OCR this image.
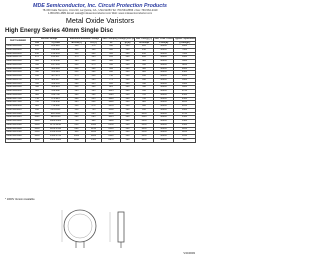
MDE Semiconductor, Inc. Circuit Protection Products
78-150 Calle Tampico, Unit 210, La Quinta, CA., USA 92253 Tel: 760-564-8656 • Fax: 760-564-2419
1-800-831-4881 Email: sales@mdesemiconductor.com Web: www.mdesemiconductor.com
Metal Oxide Varistors
High Energy Series 40mm Single Disc
PART NUMBER	Varistor Voltage		Maximum Allowable Voltage		Max Clamping Voltage (8/20 μs)		Max. Energy (J)	Max. Peak Current	Typical Capacitance
	Vdc	V@1mA	ACrms(V)	DC(V)	Vc	Ip (A)	10/1000μs	1 time(A)	@1kHz(pF)
MDE-40D201K	200	180-220	130	170	340	300	220	40000	8600
MDE-40D221K	220	198-242	140	180	360	300	240	40000	7800
MDE-40D241K	240	216-264	150	200	395	300	260	40000	7000
MDE-40D271K	270	243-297	175	225	455	300	280	40000	6500
MDE-40D301K	300	270-330	195	250	500	300	320	40000	5800
MDE-40D331K	330	297-363	210	275	550	300	350	40000	5200
MDE-40D361K	360	324-396	230	300	595	300	380	40000	4800
MDE-40D391K	390	351-429	250	320	650	300	420	40000	4400
MDE-40D431K	430	387-473	275	350	710	300	450	40000	4000
MDE-40D471K	470	423-517	300	385	775	300	490	40000	3600
MDE-40D511K	510	459-561	320	415	845	300	540	40000	3300
MDE-40D561K	560	504-616	350	460	925	300	590	40000	3000
MDE-40D621K	620	558-682	385	505	1025	300	650	40000	2700
MDE-40D681K	680	612-748	420	560	1120	300	720	40000	2500
MDE-40D751K	750	675-825	460	615	1240	300	780	40000	2300
MDE-40D781K	780	702-858	485	640	1290	300	820	40000	2200
MDE-40D821K	820	738-902	510	670	1355	300	860	40000	2100
MDE-40D911K	910	819-1001	550	745	1500	300	950	40000	1900
MDE-40D102K	1000	900-1100	625	825	1650	300	1050	40000	1700
MDE-40D112K	1100	990-1210	680	895	1815	300	1150	40000	1500
MDE-40D122K	1200	1080-1320	750	980	1980	300	1250	40000	1400
MDE-40D132K	1300	1170-1430	810	1060	2150	300	1350	40000	1300
MDE-40D142K	1400	1260-1540	880	1130	2310	300	1450	40000	1200
MDE-40D152K	1500	1350-1650	950	1200	2475	300	1550	40000	1100
MDE-40D162K	1600	1440-1760	1000	1280	2640	300	1650	40000	1050
MDE-40D182K	1800	1620-1980	1100	1465	2970	300	1850	40000	950
* 1000V Version Available
V3C0003
